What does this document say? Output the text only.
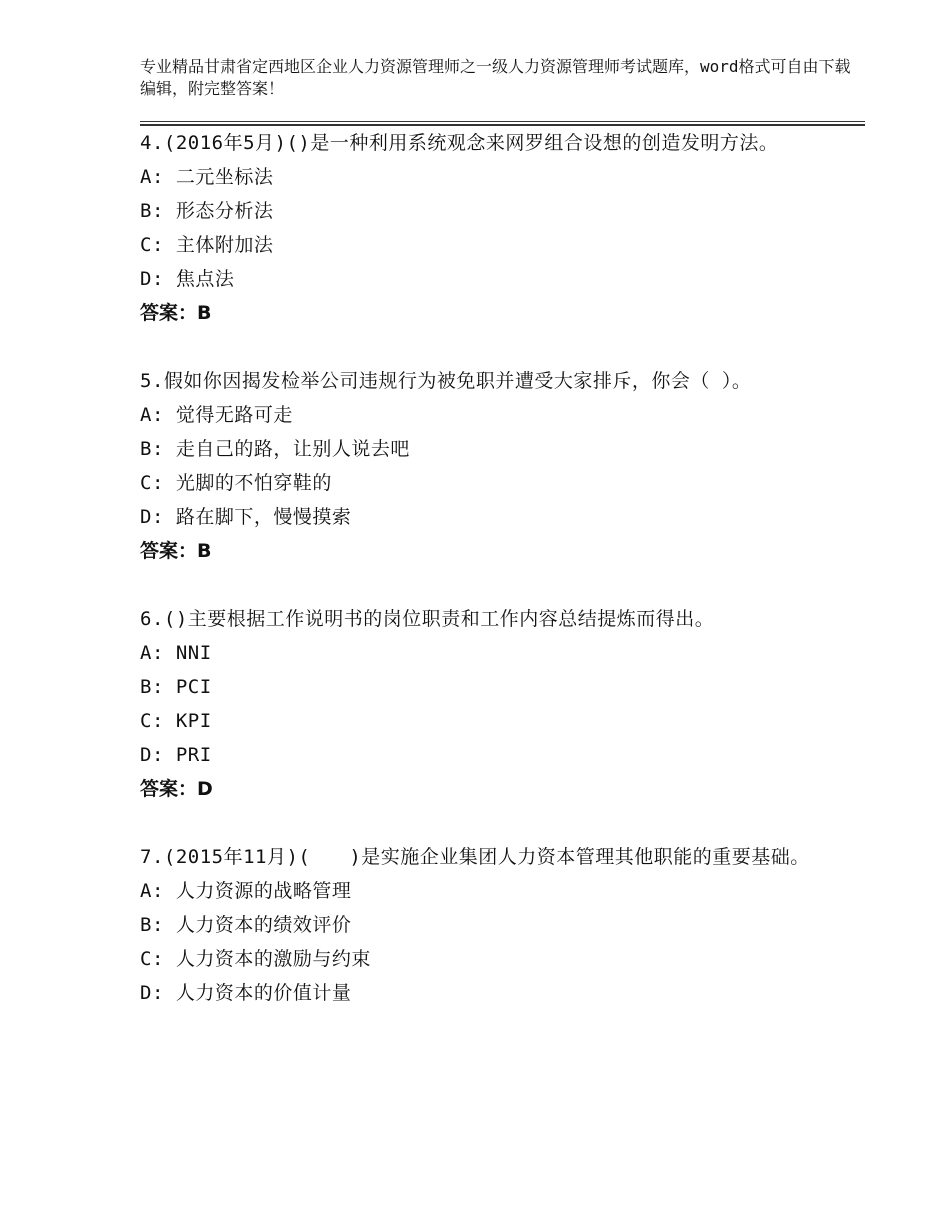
专业精品甘肃省定西地区企业人力资源管理师之一级人力资源管理师考试题库，word格式可自由下载编辑，附完整答案！
4.(2016年5月)()是一种利用系统观念来网罗组合设想的创造发明方法。
A: 二元坐标法
B: 形态分析法
C: 主体附加法
D: 焦点法
答案：B
5.假如你因揭发检举公司违规行为被免职并遭受大家排斥，你会（ ）。
A: 觉得无路可走
B: 走自己的路，让别人说去吧
C: 光脚的不怕穿鞋的
D: 路在脚下，慢慢摸索
答案：B
6.()主要根据工作说明书的岗位职责和工作内容总结提炼而得出。
A: NNI
B: PCI
C: KPI
D: PRI
答案：D
7.(2015年11月)(　　)是实施企业集团人力资本管理其他职能的重要基础。
A: 人力资源的战略管理
B: 人力资本的绩效评价
C: 人力资本的激励与约束
D: 人力资本的价值计量
